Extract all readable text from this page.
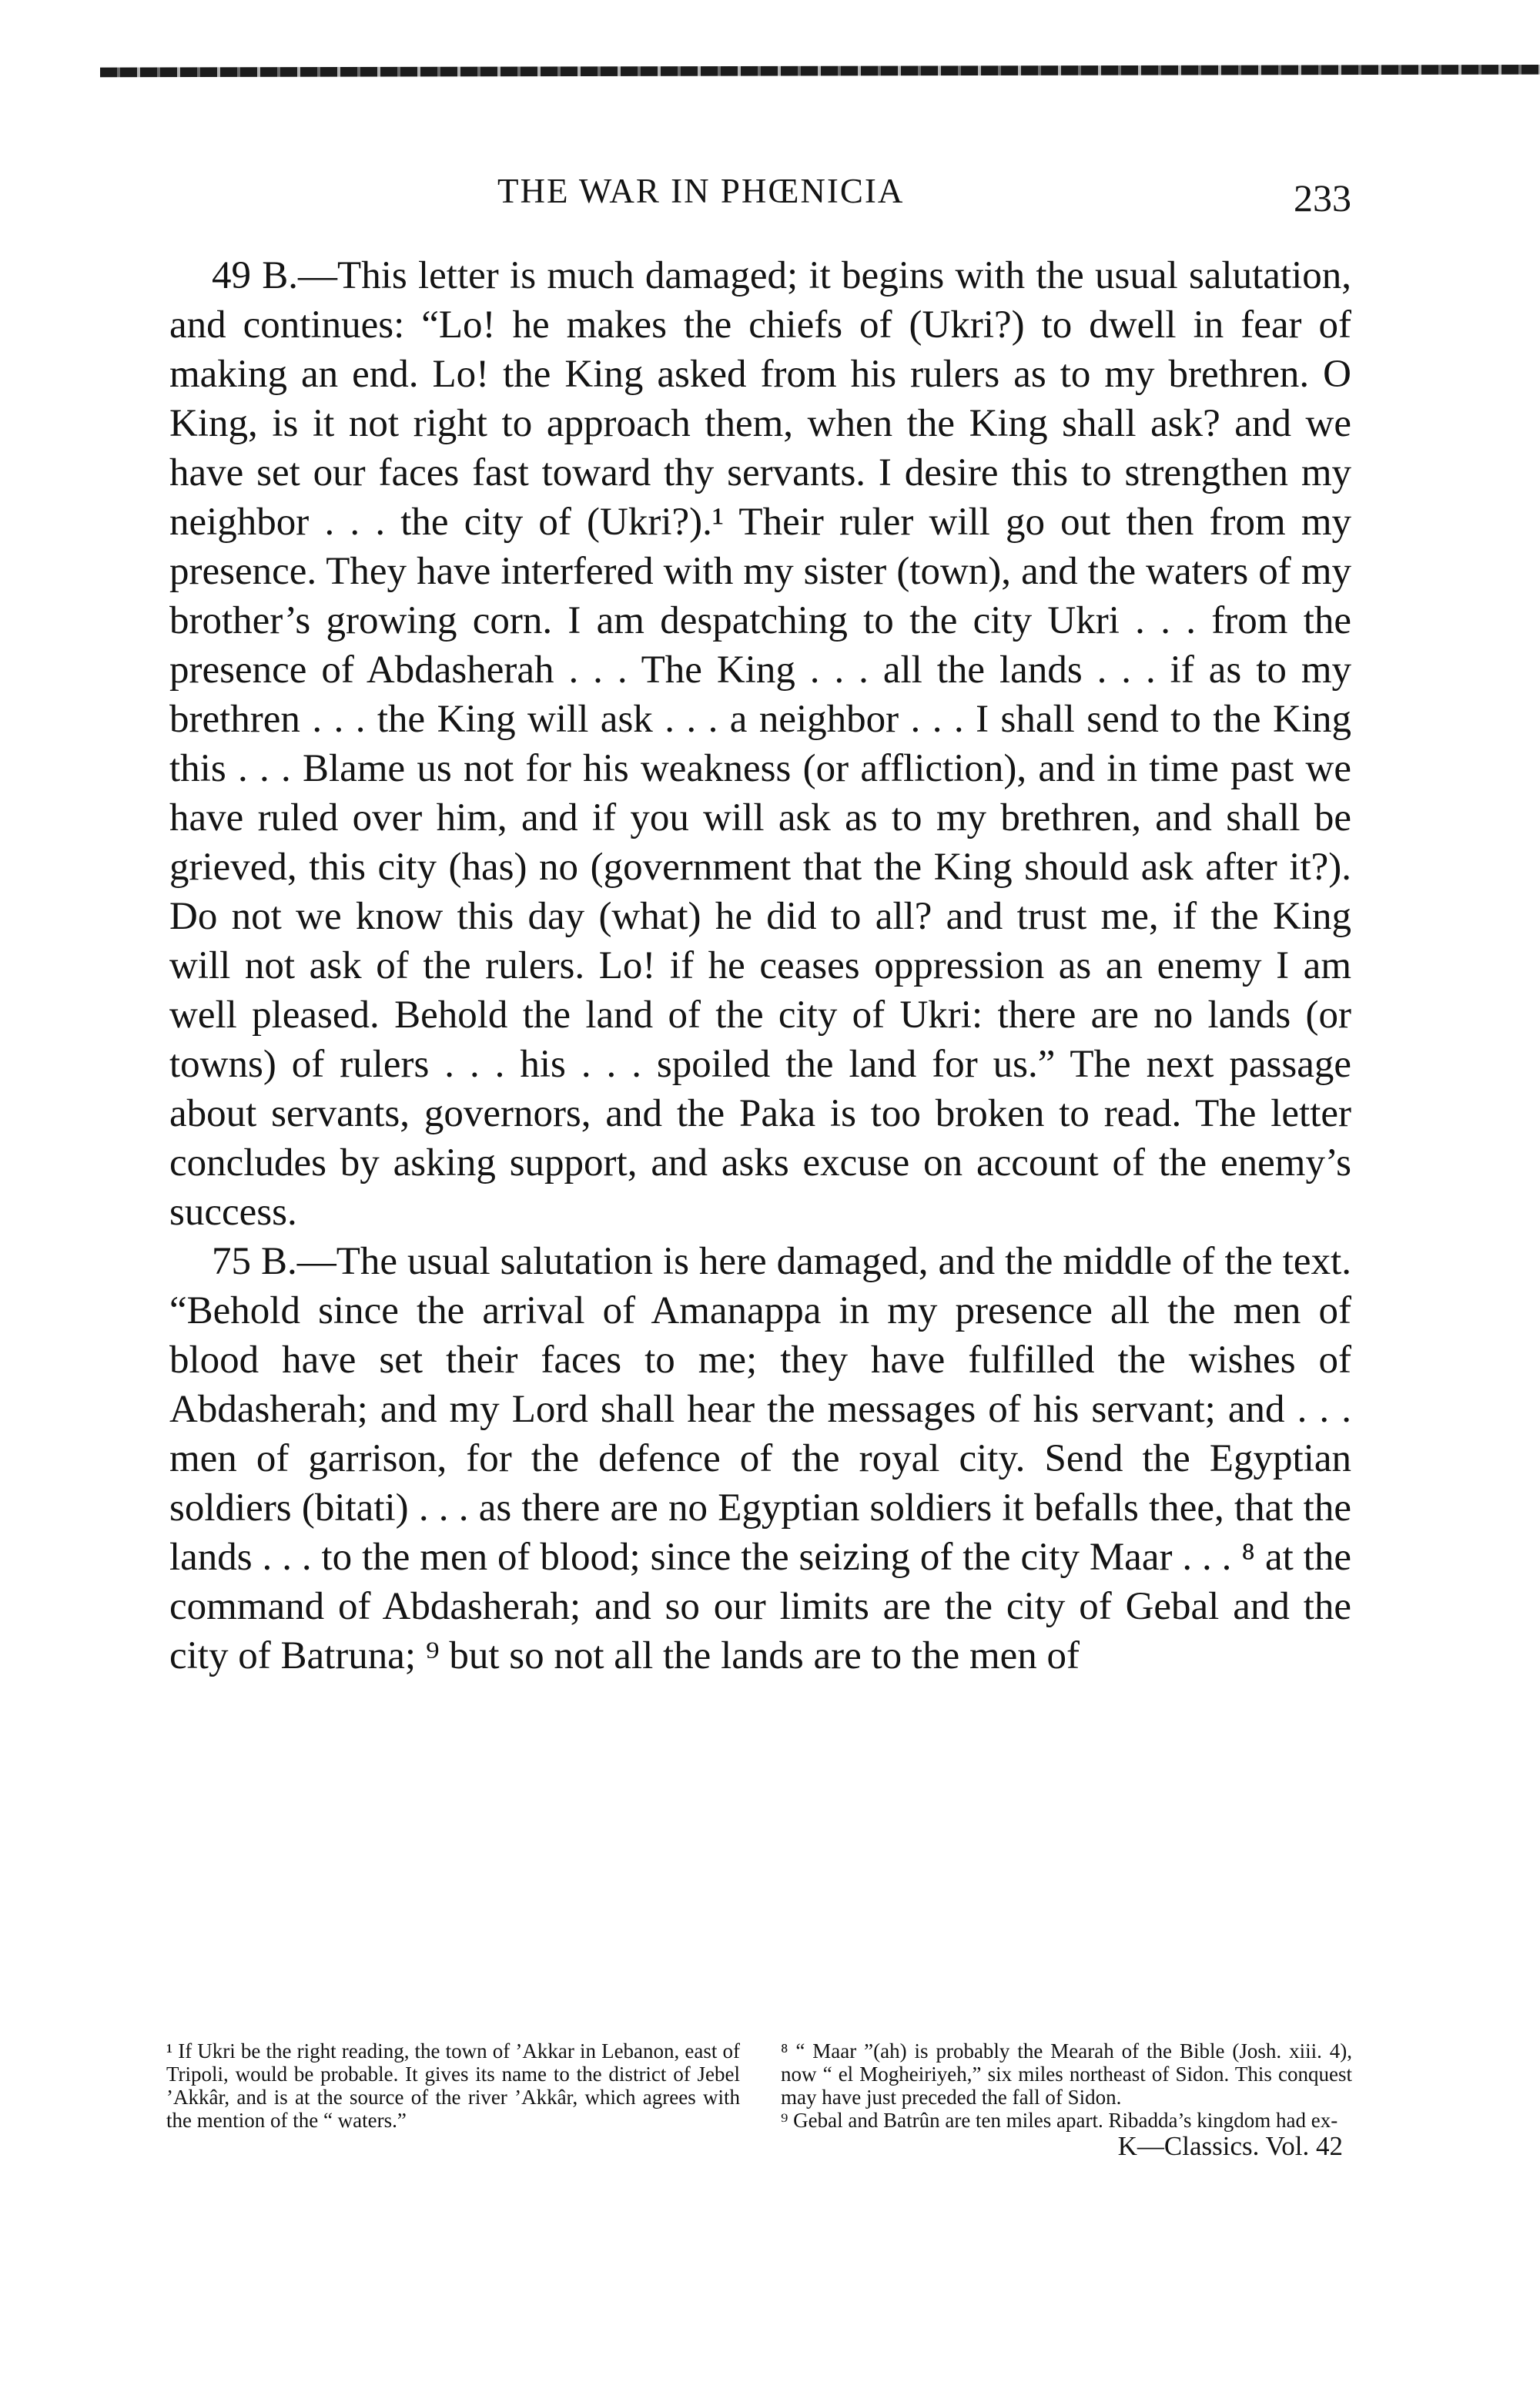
THE WAR IN PHŒNICIA	233

49 B.—This letter is much damaged; it begins with the usual salutation, and continues: “Lo! he makes the chiefs of (Ukri?) to dwell in fear of making an end. Lo! the King asked from his rulers as to my brethren. O King, is it not right to approach them, when the King shall ask? and we have set our faces fast toward thy servants. I desire this to strengthen my neighbor . . . the city of (Ukri?).¹ Their ruler will go out then from my presence. They have interfered with my sister (town), and the waters of my brother’s growing corn. I am despatching to the city Ukri . . . from the presence of Abdasherah . . . The King . . . all the lands . . . if as to my brethren . . . the King will ask . . . a neighbor . . . I shall send to the King this . . . Blame us not for his weakness (or affliction), and in time past we have ruled over him, and if you will ask as to my brethren, and shall be grieved, this city (has) no (government that the King should ask after it?). Do not we know this day (what) he did to all? and trust me, if the King will not ask of the rulers. Lo! if he ceases oppression as an enemy I am well pleased. Behold the land of the city of Ukri: there are no lands (or towns) of rulers . . . his . . . spoiled the land for us.” The next passage about servants, governors, and the Paka is too broken to read. The letter concludes by asking support, and asks excuse on account of the enemy’s success.

75 B.—The usual salutation is here damaged, and the middle of the text. “Behold since the arrival of Amanappa in my presence all the men of blood have set their faces to me; they have fulfilled the wishes of Abdasherah; and my Lord shall hear the messages of his servant; and . . . men of garrison, for the defence of the royal city. Send the Egyptian soldiers (bitati) . . . as there are no Egyptian soldiers it befalls thee, that the lands . . . to the men of blood; since the seizing of the city Maar . . . ⁸ at the command of Abdasherah; and so our limits are the city of Gebal and the city of Batruna; ⁹ but so not all the lands are to the men of

¹ If Ukri be the right reading, the town of ’Akkar in Lebanon, east of Tripoli, would be probable. It gives its name to the district of Jebel ’Akkâr, and is at the source of the river ’Akkâr, which agrees with the mention of the “ waters.”

⁸ “ Maar ”(ah) is probably the Mearah of the Bible (Josh. xiii. 4), now “ el Mogheiriyeh,” six miles northeast of Sidon. This conquest may have just preceded the fall of Sidon.

⁹ Gebal and Batrûn are ten miles apart. Ribadda’s kingdom had ex-

K—Classics. Vol. 42
